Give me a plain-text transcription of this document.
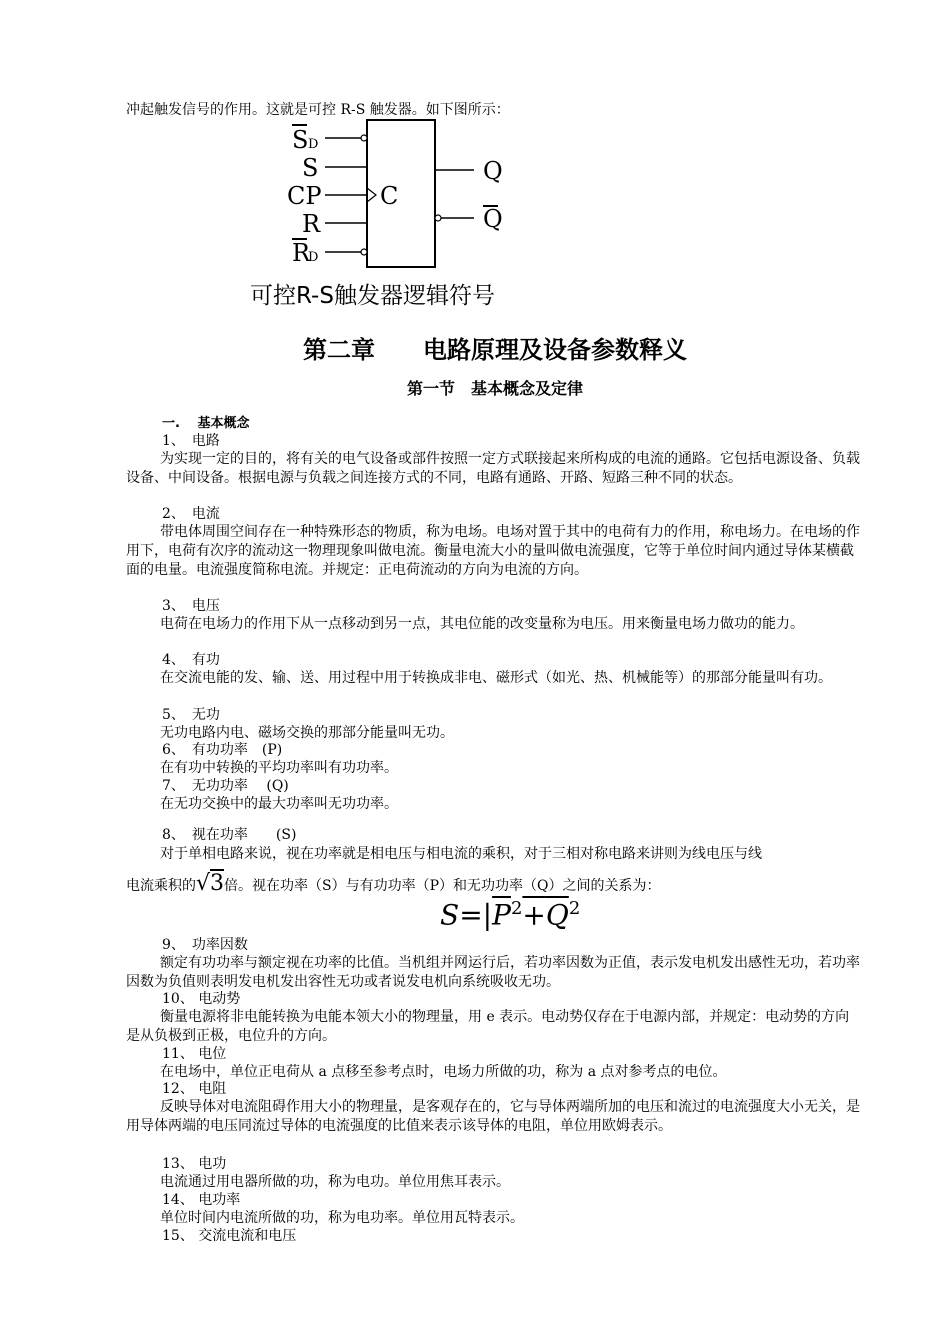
冲起触发信号的作用。这就是可控 R-S 触发器。如下图所示：
S D
S
CP
R
R
D
C
Q
Q
可控R-S触发器逻辑符号
第二章　　电路原理及设备参数释义
第一节　基本概念及定律
一.　 基本概念
1、　电路
为实现一定的目的，将有关的电气设备或部件按照一定方式联接起来所构成的电流的通路。它包括电源设备、负载设备、中间设备。根据电源与负载之间连接方式的不同，电路有通路、开路、短路三种不同的状态。
2、　电流
带电体周围空间存在一种特殊形态的物质，称为电场。电场对置于其中的电荷有力的作用，称电场力。在电场的作用下，电荷有次序的流动这一物理现象叫做电流。衡量电流大小的量叫做电流强度，它等于单位时间内通过导体某横截面的电量。电流强度简称电流。并规定：正电荷流动的方向为电流的方向。
3、　电压
电荷在电场力的作用下从一点移动到另一点，其电位能的改变量称为电压。用来衡量电场力做功的能力。
4、　有功
在交流电能的发、输、送、用过程中用于转换成非电、磁形式（如光、热、机械能等）的那部分能量叫有功。
5、　无功
无功电路内电、磁场交换的那部分能量叫无功。
6、　有功功率　(P)
在有功中转换的平均功率叫有功功率。
7、　无功功率　 (Q)
在无功交换中的最大功率叫无功功率。
8、　视在功率　　(S)
对于单相电路来说，视在功率就是相电压与相电流的乘积，对于三相对称电路来讲则为线电压与线
电流乘积的√3倍。视在功率（S）与有功功率（P）和无功功率（Q）之间的关系为：
$S=|\overline{P}^2+\overline{Q}^2$
9、　功率因数
额定有功功率与额定视在功率的比值。当机组并网运行后，若功率因数为正值，表示发电机发出感性无功，若功率因数为负值则表明发电机发出容性无功或者说发电机向系统吸收无功。
10、 电动势
衡量电源将非电能转换为电能本领大小的物理量，用 e 表示。电动势仅存在于电源内部，并规定：电动势的方向是从负极到正极，电位升的方向。
11、 电位
在电场中，单位正电荷从 a 点移至参考点时，电场力所做的功，称为 a 点对参考点的电位。
12、 电阻
反映导体对电流阻碍作用大小的物理量，是客观存在的，它与导体两端所加的电压和流过的电流强度大小无关，是用导体两端的电压同流过导体的电流强度的比值来表示该导体的电阻，单位用欧姆表示。
13、 电功
电流通过用电器所做的功，称为电功。单位用焦耳表示。
14、 电功率
单位时间内电流所做的功，称为电功率。单位用瓦特表示。
15、 交流电流和电压
